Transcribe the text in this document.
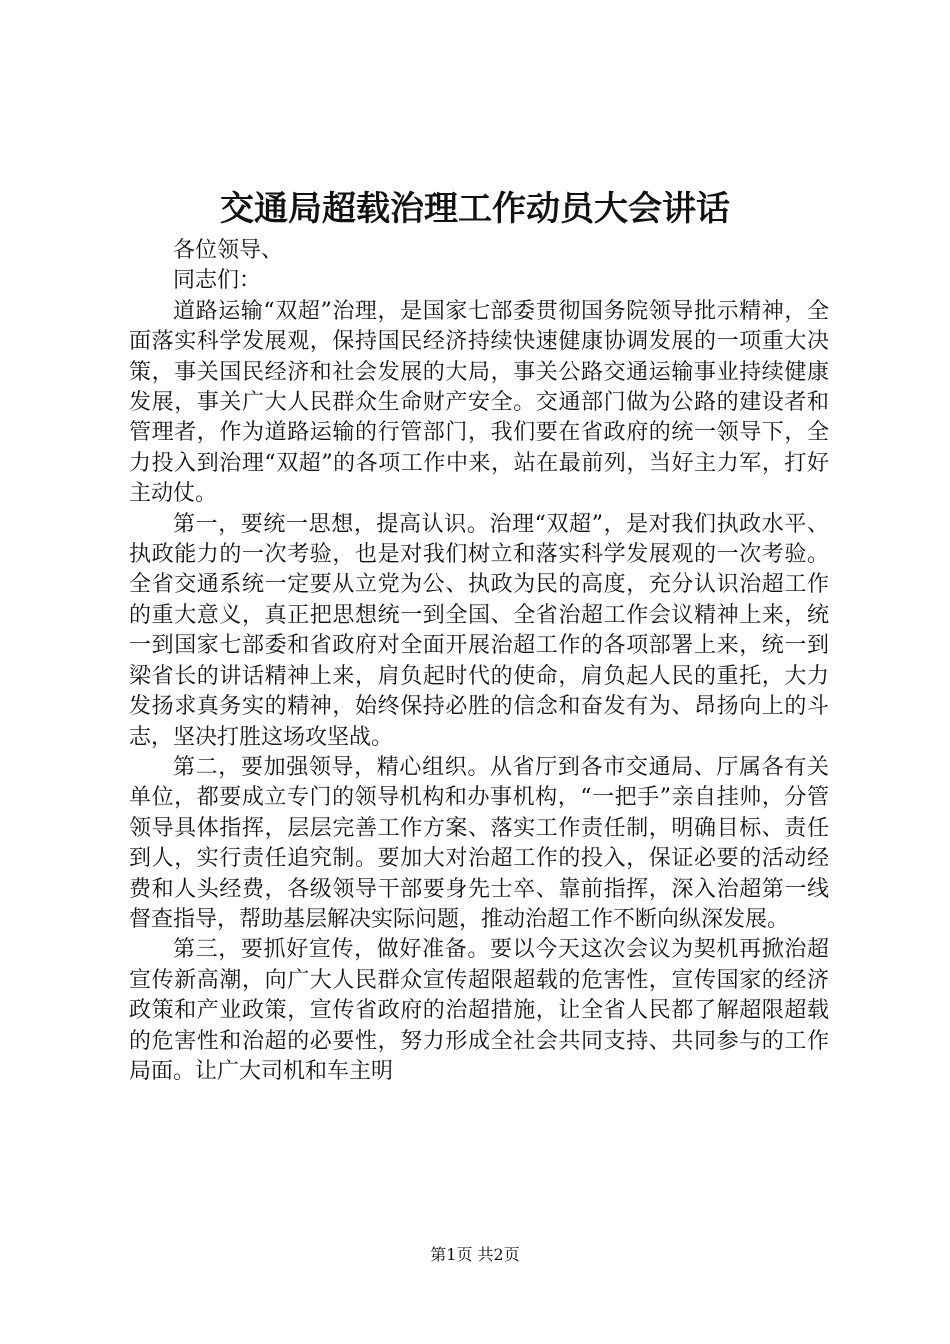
交通局超载治理工作动员大会讲话

各位领导、

同志们：

道路运输“双超”治理，是国家七部委贯彻国务院领导批示精神，全面落实科学发展观，保持国民经济持续快速健康协调发展的一项重大决策，事关国民经济和社会发展的大局，事关公路交通运输事业持续健康发展，事关广大人民群众生命财产安全。交通部门做为公路的建设者和管理者，作为道路运输的行管部门，我们要在省政府的统一领导下，全力投入到治理“双超”的各项工作中来，站在最前列，当好主力军，打好主动仗。

第一，要统一思想，提高认识。治理“双超”，是对我们执政水平、执政能力的一次考验，也是对我们树立和落实科学发展观的一次考验。全省交通系统一定要从立党为公、执政为民的高度，充分认识治超工作的重大意义，真正把思想统一到全国、全省治超工作会议精神上来，统一到国家七部委和省政府对全面开展治超工作的各项部署上来，统一到梁省长的讲话精神上来，肩负起时代的使命，肩负起人民的重托，大力发扬求真务实的精神，始终保持必胜的信念和奋发有为、昂扬向上的斗志，坚决打胜这场攻坚战。

第二，要加强领导，精心组织。从省厅到各市交通局、厅属各有关单位，都要成立专门的领导机构和办事机构，“一把手”亲自挂帅，分管领导具体指挥，层层完善工作方案、落实工作责任制，明确目标、责任到人，实行责任追究制。要加大对治超工作的投入，保证必要的活动经费和人头经费，各级领导干部要身先士卒、靠前指挥，深入治超第一线督查指导，帮助基层解决实际问题，推动治超工作不断向纵深发展。

第三，要抓好宣传，做好准备。要以今天这次会议为契机再掀治超宣传新高潮，向广大人民群众宣传超限超载的危害性，宣传国家的经济政策和产业政策，宣传省政府的治超措施，让全省人民都了解超限超载的危害性和治超的必要性，努力形成全社会共同支持、共同参与的工作局面。让广大司机和车主明

第1页 共2页
